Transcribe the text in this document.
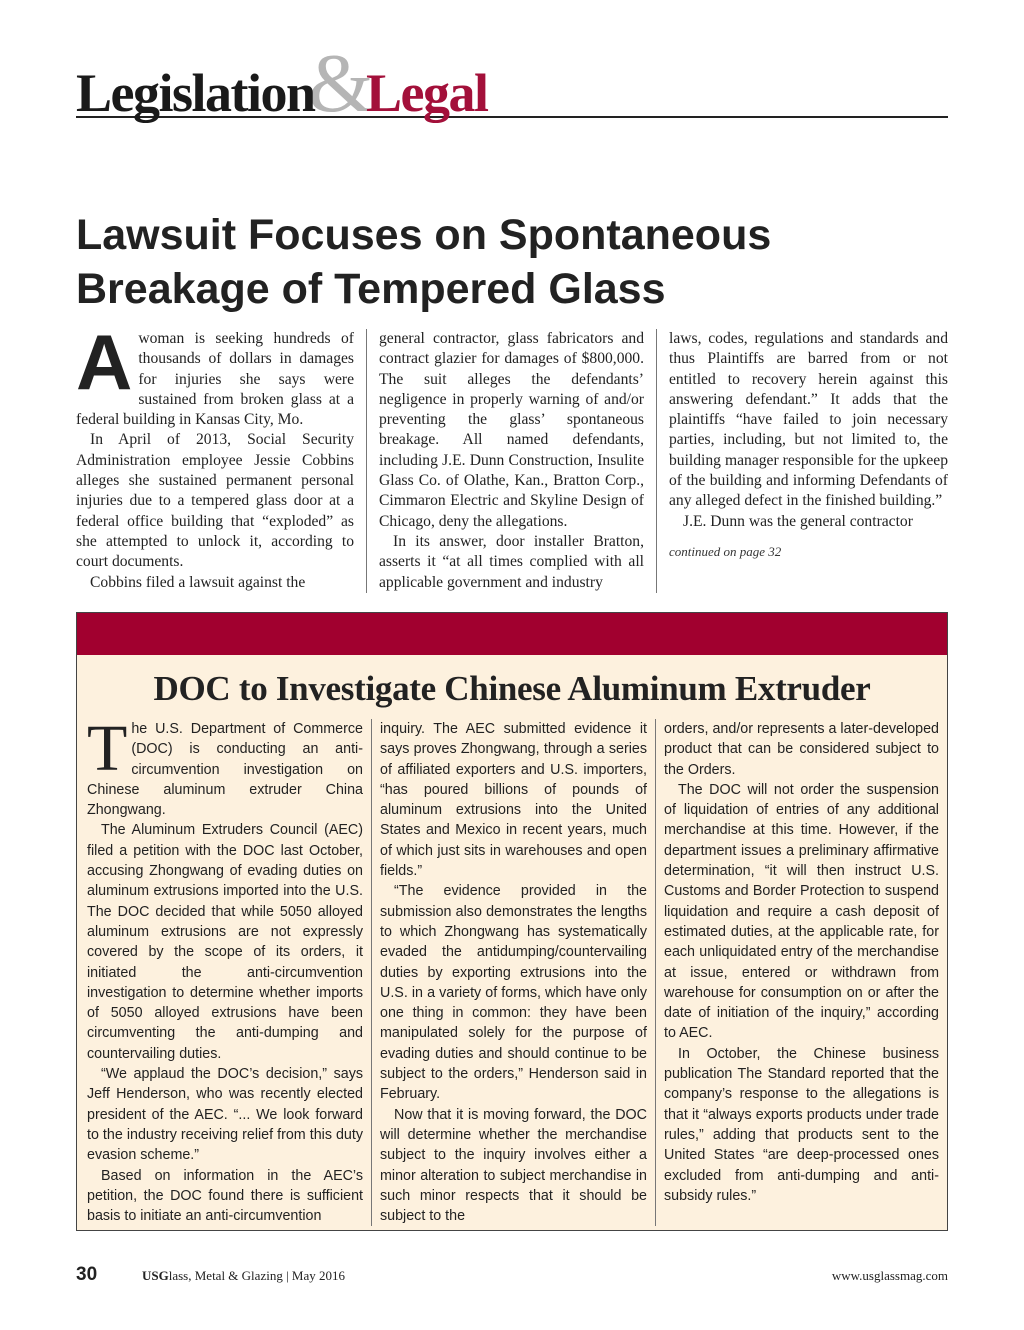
&
Legislation Legal
Lawsuit Focuses on Spontaneous Breakage of Tempered Glass

Awoman is seeking hundreds of thousands of dollars in damages for injuries she says were sustained from broken glass at a federal building in Kansas City, Mo.

In April of 2013, Social Security Administration employee Jessie Cobbins alleges she sustained permanent personal injuries due to a tempered glass door at a federal office building that “exploded” as she attempted to unlock it, according to court documents.

Cobbins filed a lawsuit against the

general contractor, glass fabricators and contract glazier for damages of $800,000. The suit alleges the defendants’ negligence in properly warning of and/or preventing the glass’ spontaneous breakage. All named defendants, including J.E. Dunn Construction, Insulite Glass Co. of Olathe, Kan., Bratton Corp., Cimmaron Electric and Skyline Design of Chicago, deny the allegations.

In its answer, door installer Bratton, asserts it “at all times complied with all applicable government and industry

laws, codes, regulations and standards and thus Plaintiffs are barred from or not entitled to recovery herein against this answering defendant.” It adds that the plaintiffs “have failed to join necessary parties, including, but not limited to, the building manager responsible for the upkeep of the building and informing Defendants of any alleged defect in the finished building.”

J.E. Dunn was the general contractor

continued on page 32
DOC to Investigate Chinese Aluminum Extruder

The U.S. Department of Commerce (DOC) is conducting an anti-circumvention investigation on Chinese aluminum extruder China Zhongwang.

The Aluminum Extruders Council (AEC) filed a petition with the DOC last October, accusing Zhongwang of evading duties on aluminum extrusions imported into the U.S. The DOC decided that while 5050 alloyed aluminum extrusions are not expressly covered by the scope of its orders, it initiated the anti-circumvention investigation to determine whether imports of 5050 alloyed extrusions have been circumventing the anti-dumping and countervailing duties.

“We applaud the DOC’s decision,” says Jeff Henderson, who was recently elected president of the AEC. “... We look forward to the industry receiving relief from this duty evasion scheme.”

Based on information in the AEC’s petition, the DOC found there is sufficient basis to initiate an anti-circumvention

inquiry. The AEC submitted evidence it says proves Zhongwang, through a series of affiliated exporters and U.S. importers, “has poured billions of pounds of aluminum extrusions into the United States and Mexico in recent years, much of which just sits in warehouses and open fields.”

“The evidence provided in the submission also demonstrates the lengths to which Zhongwang has systematically evaded the antidumping/countervailing duties by exporting extrusions into the U.S. in a variety of forms, which have only one thing in common: they have been manipulated solely for the purpose of evading duties and should continue to be subject to the orders,” Henderson said in February.

Now that it is moving forward, the DOC will determine whether the merchandise subject to the inquiry involves either a minor alteration to subject merchandise in such minor respects that it should be subject to the

orders, and/or represents a later-developed product that can be considered subject to the Orders.

The DOC will not order the suspension of liquidation of entries of any additional merchandise at this time. However, if the department issues a preliminary affirmative determination, “it will then instruct U.S. Customs and Border Protection to suspend liquidation and require a cash deposit of estimated duties, at the applicable rate, for each unliquidated entry of the merchandise at issue, entered or withdrawn from warehouse for consumption on or after the date of initiation of the inquiry,” according to AEC.

In October, the Chinese business publication The Standard reported that the company’s response to the allegations is that it “always exports products under trade rules,” adding that products sent to the United States “are deep-processed ones excluded from anti-dumping and anti-subsidy rules.”

30	USGlass, Metal & Glazing | May 2016	www.usglassmag.com
